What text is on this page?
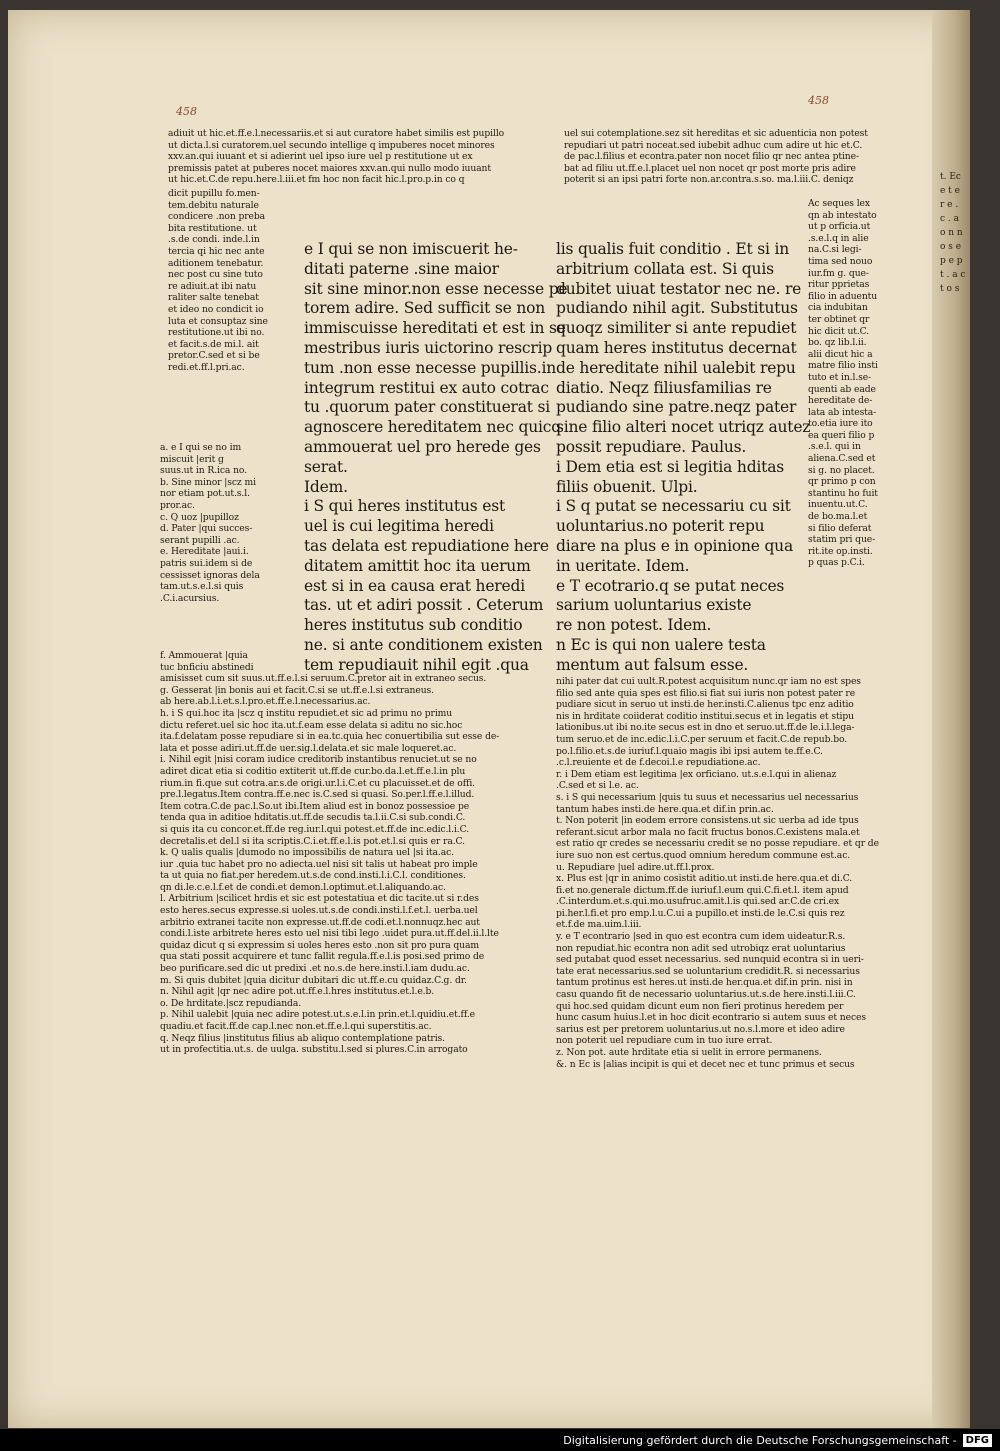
t. Ec e t e r e . c . a o n n o s e p e p t . a c t o s
458
458
adiuit ut hic.et.ff.e.l.necessariis.et si aut curatore habet similis est pupillo
ut dicta.l.si curatorem.uel secundo intellige q impuberes nocet minores
xxv.an.qui iuuant et si adierint uel ipso iure uel p restitutione ut ex
premissis patet at puberes nocet maiores xxv.an.qui nullo modo iuuant
ut hic.et.C.de repu.here.l.iii.et fm hoc non facit hic.l.pro.p.in co q
dicit pupillu fo.men-
tem.debitu naturale
condicere .non preba
bita restitutione. ut
.s.de condi. inde.l.in
tercia qi hic nec ante
aditionem tenebatur.
nec post cu sine tuto
re adiuit.at ibi natu
raliter salte tenebat
et ideo no condicit io
luta et consuptaz sine
restitutione.ut ibi no.
et facit.s.de mi.l. ait
pretor.C.sed et si be
redi.et.ff.l.pri.ac.
a. e I qui se no im
miscuit |erit g
suus.ut in R.ica no.
b. Sine minor |scz mi
nor etiam pot.ut.s.l.
pror.ac.
c. Q uoz |pupilloz
d. Pater |qui succes-
serant pupilli .ac.
e. Hereditate |aui.i.
patris sui.idem si de
cessisset ignoras dela
tam.ut.s.e.l.si quis
.C.i.acursius.
e I qui se non imiscuerit he-
ditati paterne .sine maior
sit sine minor.non esse necesse pe
torem adire. Sed sufficit se non
immiscuisse hereditati et est in se
mestribus iuris uictorino rescrip
tum .non esse necesse pupillis.in
integrum restitui ex auto cotrac
tu .quorum pater constituerat si
agnoscere hereditatem nec quicq
ammouerat uel pro herede ges
serat.
Idem.
i S qui heres institutus est
uel is cui legitima heredi
tas delata est repudiatione here
ditatem amittit hoc ita uerum
est si in ea causa erat heredi
tas. ut et adiri possit . Ceterum
heres institutus sub conditio
ne. si ante conditionem existen
tem repudiauit nihil egit .qua
uel sui cotemplatione.sez sit hereditas et sic aduenticia non potest
repudiari ut patri noceat.sed iubebit adhuc cum adire ut hic et.C.
de pac.l.filius et econtra.pater non nocet filio qr nec antea ptine-
bat ad filiu ut.ff.e.l.placet uel non nocet qr post morte pris adire
poterit si an ipsi patri forte non.ar.contra.s.so. ma.l.iii.C. deniqz
lis qualis fuit conditio . Et si in
arbitrium collata est. Si quis
dubitet uiuat testator nec ne. re
pudiando nihil agit. Substitutus
quoqz similiter si ante repudiet
quam heres institutus decernat
de hereditate nihil ualebit repu
diatio. Neqz filiusfamilias re
pudiando sine patre.neqz pater
sine filio alteri nocet utriqz autez
possit repudiare. Paulus.
i Dem etia est si legitia hditas
filiis obuenit. Ulpi.
i S q putat se necessariu cu sit
uoluntarius.no poterit repu
diare na plus e in opinione qua
in ueritate. Idem.
e T ecotrario.q se putat neces
sarium uoluntarius existe
re non potest. Idem.
n Ec is qui non ualere testa
mentum aut falsum esse.
Ac seques lex
qn ab intestato
ut p orficia.ut
.s.e.l.q in alie
na.C.si legi-
tima sed nouo
iur.fm g. que-
ritur pprietas
filio in aduentu
cia indubitan
ter obtinet qr
hic dicit ut.C.
bo. qz lib.l.ii.
alii dicut hic a
matre filio insti
tuto et in.l.se-
quenti ab eade
hereditate de-
lata ab intesta-
to.etia iure ito
ea queri filio p
.s.e.l. qui in
aliena.C.sed et
si g. no placet.
qr primo p con
stantinu ho fuit
inuentu.ut.C.
de bo.ma.l.et
si filio deferat
statim pri que-
rit.ite op.insti.
p quas p.C.i.
f. Ammouerat |quia
tuc bnficiu abstinedi
amisisset cum sit suus.ut.ff.e.l.si seruum.C.pretor ait in extraneo secus.
g. Gesserat |in bonis aui et facit.C.si se ut.ff.e.l.si extraneus.
ab here.ab.l.i.et.s.l.pro.et.ff.e.l.necessarius.ac.
h. i S qui.hoc ita |scz q institu repudiet.et sic ad primu no primu
dictu referet.uel sic hoc ita.ut.f.eam esse delata si aditu no sic.hoc
ita.f.delatam posse repudiare si in ea.tc.quia hec conuertibilia sut esse de-
lata et posse adiri.ut.ff.de uer.sig.l.delata.et sic male loqueret.ac.
i. Nihil egit |nisi coram iudice creditorib instantibus renuciet.ut se no
adiret dicat etia si coditio extiterit ut.ff.de cur.bo.da.l.et.ff.e.l.in plu
rium.in fi.que sut cotra.ar.s.de origi.ur.l.i.C.et cu placuisset.et de offi.
pre.l.legatus.Item contra.ff.e.nec is.C.sed si quasi. So.per.l.ff.e.l.illud.
Item cotra.C.de pac.l.So.ut ibi.Item aliud est in bonoz possessioe pe
tenda qua in aditioe hditatis.ut.ff.de secudis ta.l.ii.C.si sub.condi.C.
si quis ita cu concor.et.ff.de reg.iur.l.qui potest.et.ff.de inc.edic.l.i.C.
decretalis.et del.l si ita scriptis.C.i.et.ff.e.l.is pot.et.l.si quis er ra.C.
k. Q ualis qualis |dumodo no impossibilis de natura uel |si ita.ac.
iur .quia tuc habet pro no adiecta.uel nisi sit talis ut habeat pro imple
ta ut quia no fiat.per heredem.ut.s.de cond.insti.l.i.C.l. conditiones.
qn di.le.c.e.l.f.et de condi.et demon.l.optimut.et.l.aliquando.ac.
l. Arbitrium |scilicet hrdis et sic est potestatiua et dic tacite.ut si r.des
esto heres.secus expresse.si uoles.ut.s.de condi.insti.l.f.et.l. uerba.uel
arbitrio extranei tacite non expresse.ut.ff.de codi.et.l.nonnuqz.hec aut
condi.l.iste arbitrete heres esto uel nisi tibi lego .uidet pura.ut.ff.del.ii.l.lte
quidaz dicut q si expressim si uoles heres esto .non sit pro pura quam
qua stati possit acquirere et tunc fallit regula.ff.e.l.is posi.sed primo de
beo purificare.sed dic ut predixi .et no.s.de here.insti.l.iam dudu.ac.
m. Si quis dubitet |quia dicitur dubitari dic ut.ff.e.cu quidaz.C.g. dr.
n. Nihil agit |qr nec adire pot.ut.ff.e.l.hres institutus.et.l.e.b.
o. De hrditate.|scz repudianda.
p. Nihil ualebit |quia nec adire potest.ut.s.e.l.in prin.et.l.quidiu.et.ff.e
quadiu.et facit.ff.de cap.l.nec non.et.ff.e.l.qui superstitis.ac.
q. Neqz filius |institutus filius ab aliquo contemplatione patris.
ut in profectitia.ut.s. de uulga. substitu.l.sed si plures.C.in arrogato
nihi pater dat cui uult.R.potest acquisitum nunc.qr iam no est spes
filio sed ante quia spes est filio.si fiat sui iuris non potest pater re
pudiare sicut in seruo ut insti.de her.insti.C.alienus tpc enz aditio
nis in hrditate coiiderat coditio institui.secus et in legatis et stipu
lationibus.ut ibi no.ite secus est in dno et seruo.ut.ff.de le.i.l.lega-
tum seruo.et de inc.edic.l.i.C.per seruum et facit.C.de repub.bo.
po.l.filio.et.s.de iuriuf.l.quaio magis ibi ipsi autem te.ff.e.C.
.c.l.reuiente et de f.decoi.l.e repudiatione.ac.
r. i Dem etiam est legitima |ex orficiano. ut.s.e.l.qui in alienaz
.C.sed et si l.e. ac.
s. i S qui necessarium |quis tu suus et necessarius uel necessarius
tantum habes insti.de here.qua.et dif.in prin.ac.
t. Non poterit |in eodem errore consistens.ut sic uerba ad ide tpus
referant.sicut arbor mala no facit fructus bonos.C.existens mala.et
est ratio qr credes se necessariu credit se no posse repudiare. et qr de
iure suo non est certus.quod omnium heredum commune est.ac.
u. Repudiare |uel adire.ut.ff.l.prox.
x. Plus est |qr in animo cosistit aditio.ut insti.de here.qua.et di.C.
fi.et no.generale dictum.ff.de iuriuf.l.eum qui.C.fi.et.l. item apud
.C.interdum.et.s.qui.mo.usufruc.amit.l.is qui.sed ar.C.de cri.ex
pi.her.l.fi.et pro emp.l.u.C.ui a pupillo.et insti.de le.C.si quis rez
et.f.de ma.uim.l.iii.
y. e T econtrario |sed in quo est econtra cum idem uideatur.R.s.
non repudiat.hic econtra non adit sed utrobiqz erat uoluntarius
sed putabat quod esset necessarius. sed nunquid econtra si in ueri-
tate erat necessarius.sed se uoluntarium credidit.R. si necessarius
tantum protinus est heres.ut insti.de her.qua.et dif.in prin. nisi in
casu quando fit de necessario uoluntarius.ut.s.de here.insti.l.iii.C.
qui hoc.sed quidam dicunt eum non fieri protinus heredem per
hunc casum huius.l.et in hoc dicit econtrario si autem suus et neces
sarius est per pretorem uoluntarius.ut no.s.l.more et ideo adire
non poterit uel repudiare cum in tuo iure errat.
z. Non pot. aute hrditate etia si uelit in errore permanens.
&. n Ec is |alias incipit is qui et decet nec et tunc primus et secus
Digitalisierung gefördert durch die Deutsche Forschungsgemeinschaft - DFG
